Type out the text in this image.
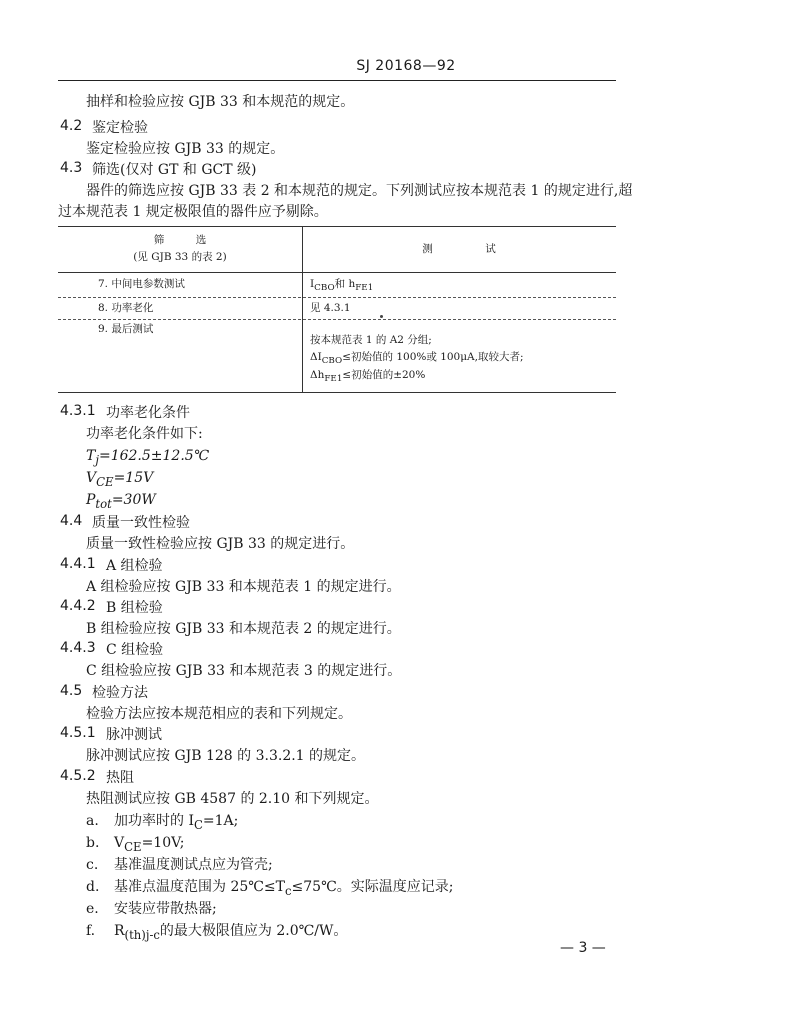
SJ 20168—92
抽样和检验应按 GJB 33 和本规范的规定。
4.2 鉴定检验
鉴定检验应按 GJB 33 的规定。
4.3 筛选(仅对 GT 和 GCT 级)
器件的筛选应按 GJB 33 表 2 和本规范的规定。下列测试应按本规范表 1 的规定进行,超
过本规范表 1 规定极限值的器件应予剔除。
筛　　　选
(见 GJB 33 的表 2)
测　　　　　试
7. 中间电参数测试	$I_{CBO}$和 $h_{FE1}$
8. 功率老化	见 4.3.1
9. 最后测试
按本规范表 1 的 A2 分组;
$\Delta I_{CBO}\le$初始值的 100%或 100μA,取较大者;
$\Delta h_{FE1}\le$初始值的±20%
4.3.1 功率老化条件
功率老化条件如下:
$T_j=162.5\pm 12.5℃$
$V_{CE}=15V$
$P_{tot}=30W$
4.4 质量一致性检验
质量一致性检验应按 GJB 33 的规定进行。
4.4.1 A 组检验
A 组检验应按 GJB 33 和本规范表 1 的规定进行。
4.4.2 B 组检验
B 组检验应按 GJB 33 和本规范表 2 的规定进行。
4.4.3 C 组检验
C 组检验应按 GJB 33 和本规范表 3 的规定进行。
4.5 检验方法
检验方法应按本规范相应的表和下列规定。
4.5.1 脉冲测试
脉冲测试应按 GJB 128 的 3.3.2.1 的规定。
4.5.2 热阻
热阻测试应按 GB 4587 的 2.10 和下列规定。
a. 加功率时的 $I_C=1A$;
b. $V_{CE}=10V$;
c. 基准温度测试点应为管壳;
d. 基准点温度范围为 $25℃\le T_c\le 75℃$。实际温度应记录;
e. 安装应带散热器;
f. $R_{(th)j-c}$的最大极限值应为 2.0℃/W。
— 3 —
